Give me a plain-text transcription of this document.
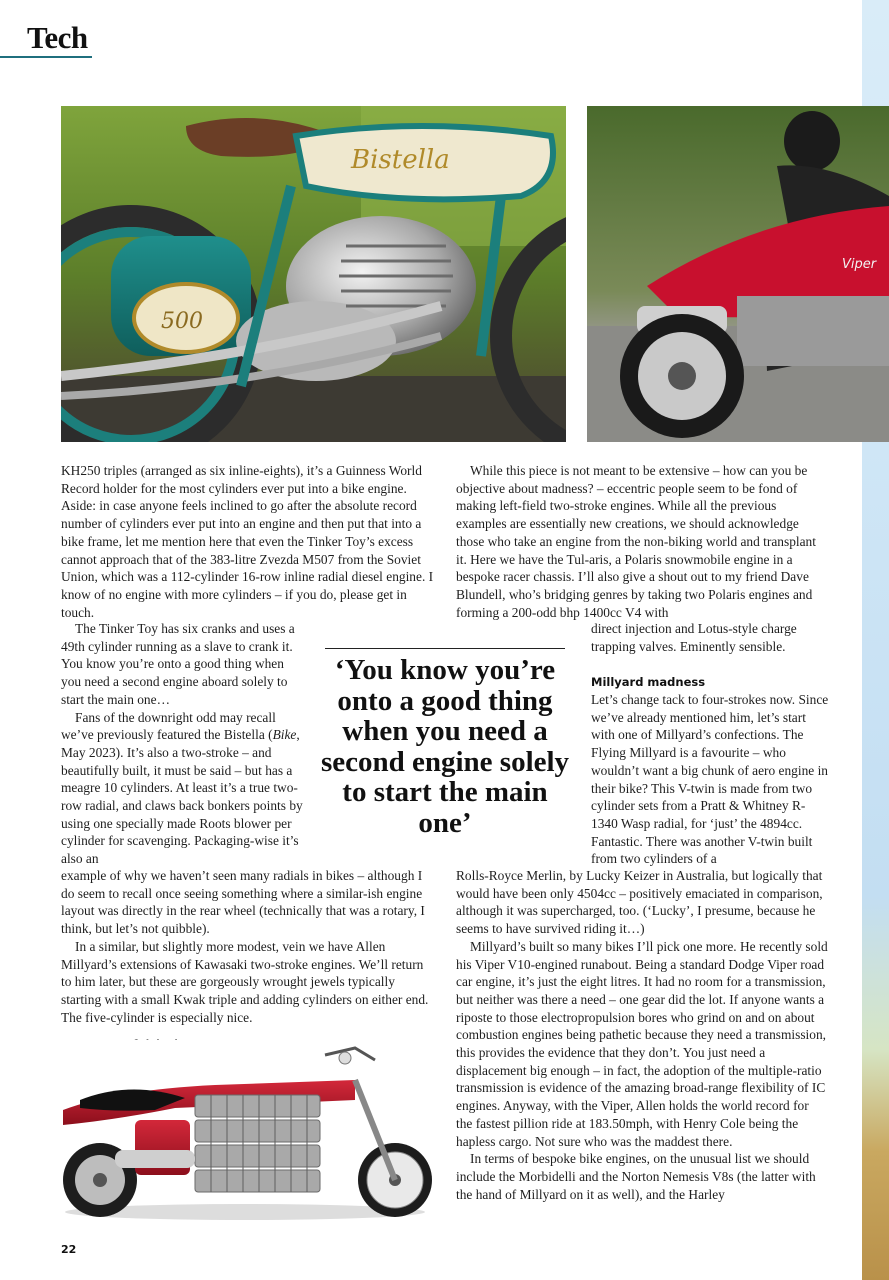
Tech
Bistella
500
Viper

KH250 triples (arranged as six inline-eights), it’s a Guinness World Record holder for the most cylinders ever put into a bike engine. Aside: in case anyone feels inclined to go after the absolute record number of cylinders ever put into an engine and then put that into a bike frame, let me mention here that even the Tinker Toy’s excess cannot approach that of the 383-litre Zvezda M507 from the Soviet Union, which was a 112-cylinder 16-row inline radial diesel engine. I know of no engine with more cylinders – if you do, please get in touch.

The Tinker Toy has six cranks and uses a 49th cylinder running as a slave to crank it. You know you’re onto a good thing when you need a second engine aboard solely to start the main one…

Fans of the downright odd may recall we’ve previously featured the Bistella (Bike, May 2023). It’s also a two-stroke – and beautifully built, it must be said – but has a meagre 10 cylinders. At least it’s a true two-row radial, and claws back bonkers points by using one specially made Roots blower per cylinder for scavenging. Packaging-wise it’s also an

example of why we haven’t seen many radials in bikes – although I do seem to recall once seeing something where a similar-ish engine layout was directly in the rear wheel (technically that was a rotary, I think, but let’s not quibble).

In a similar, but slightly more modest, vein we have Allen Millyard’s extensions of Kawasaki two-stroke engines. We’ll return to him later, but these are gorgeously wrought jewels typically starting with a small Kwak triple and adding cylinders on either end. The five-cylinder is especially nice.

‘You know you’re onto a good thing when you need a second engine solely to start the main one’

While this piece is not meant to be extensive – how can you be objective about madness? – eccentric people seem to be fond of making left-field two-stroke engines. While all the previous examples are essentially new creations, we should acknowledge those who take an engine from the non-biking world and transplant it. Here we have the Tul-aris, a Polaris snowmobile engine in a bespoke racer chassis. I’ll also give a shout out to my friend Dave Blundell, who’s bridging genres by taking two Polaris engines and forming a 200-odd bhp 1400cc V4 with

direct injection and Lotus-style charge trapping valves. Eminently sensible.

Millyard madness

Let’s change tack to four-strokes now. Since we’ve already mentioned him, let’s start with one of Millyard’s confections. The Flying Millyard is a favourite – who wouldn’t want a big chunk of aero engine in their bike? This V-twin is made from two cylinder sets from a Pratt & Whitney R-1340 Wasp radial, for ‘just’ the 4894cc. Fantastic. There was another V-twin built from two cylinders of a

Rolls-Royce Merlin, by Lucky Keizer in Australia, but logically that would have been only 4504cc – positively emaciated in comparison, although it was supercharged, too. (‘Lucky’, I presume, because he seems to have survived riding it…)

Millyard’s built so many bikes I’ll pick one more. He recently sold his Viper V10-engined runabout. Being a standard Dodge Viper road car engine, it’s just the eight litres. It had no room for a transmission, but neither was there a need – one gear did the lot. If anyone wants a riposte to those electropropulsion bores who grind on and on about combustion engines being pathetic because they need a transmission, this provides the evidence that they don’t. You just need a displacement big enough – in fact, the adoption of the multiple-ratio transmission is evidence of the amazing broad-range flexibility of IC engines. Anyway, with the Viper, Allen holds the world record for the fastest pillion ride at 183.50mph, with Henry Cole being the hapless cargo. Not sure who was the maddest there.

In terms of bespoke bike engines, on the unusual list we should include the Morbidelli and the Norton Nemesis V8s (the latter with the hand of Millyard on it as well), and the Harley

22
